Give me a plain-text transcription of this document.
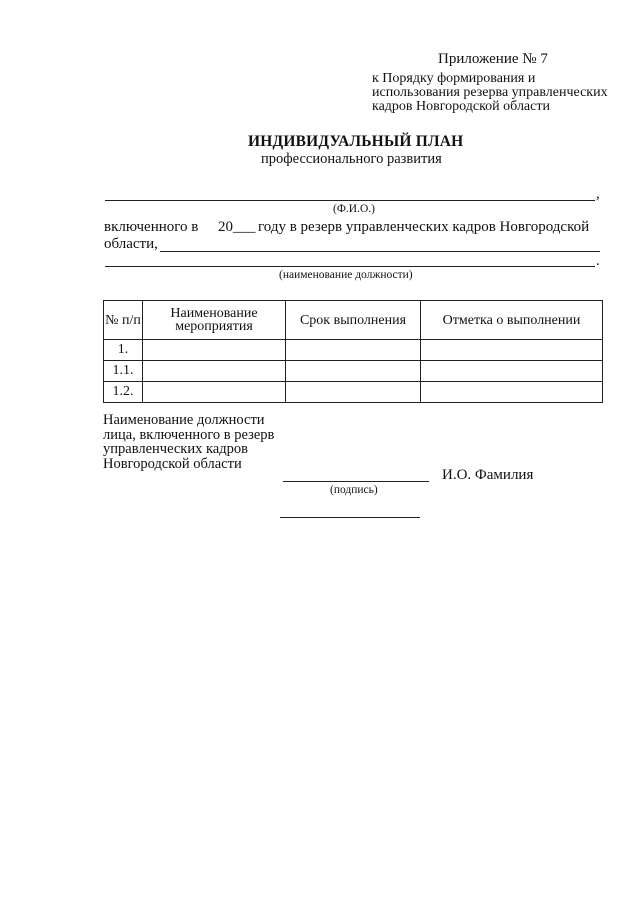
Приложение № 7
к Порядку формирования и использования резерва управленческих кадров Новгородской области
ИНДИВИДУАЛЬНЫЙ ПЛАН
профессионального развития
,
(Ф.И.О.)
включенного в 20___ году в резерв управленческих кадров Новгородской
области,
.
(наименование должности)
№ п/п	Наименование мероприятия	Срок выполнения	Отметка о выполнении
1.			
1.1.			
1.2.			
Наименование должности лица, включенного в резерв управленческих кадров Новгородской области
И.О. Фамилия
(подпись)
